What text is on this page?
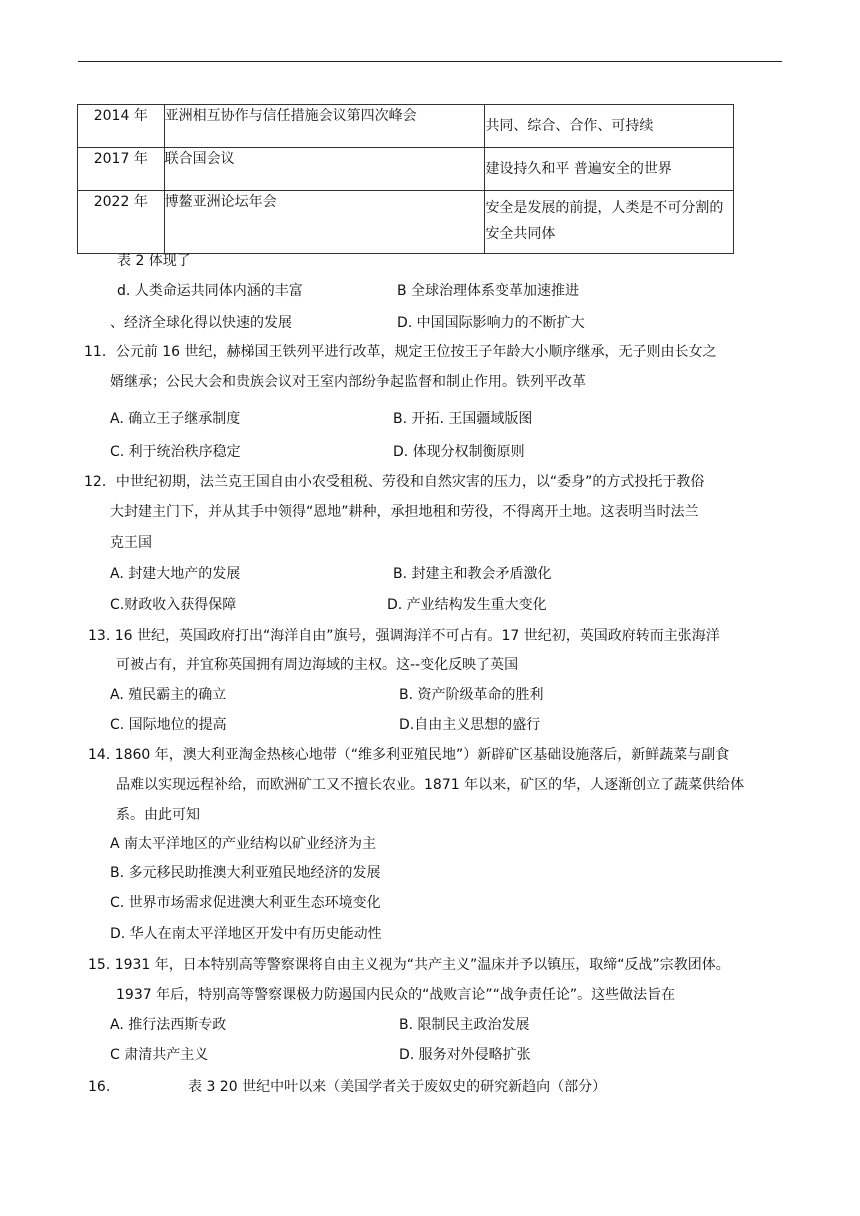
2014 年	亚洲相互协作与信任措施会议第四次峰会	共同、综合、合作、可持续
2017 年	联合国会议	建设持久和平 普遍安全的世界
2022 年	博鳌亚洲论坛年会	安全是发展的前提，人类是不可分割的安全共同体
表 2 体现了
d. 人类命运共同体内涵的丰富	B 全球治理体系变革加速推进
、经济全球化得以快速的发展	D. 中国国际影响力的不断扩大
11．公元前 16 世纪，赫梯国王铁列平进行改革，规定王位按王子年龄大小顺序继承，无子则由长女之
婿继承；公民大会和贵族会议对王室内部纷争起监督和制止作用。铁列平改革
A. 确立王子继承制度	B. 开拓. 王国疆域版图
C. 利于统治秩序稳定	D. 体现分权制衡原则
12．中世纪初期，法兰克王国自由小农受租税、劳役和自然灾害的压力，以“委身”的方式投托于教俗
大封建主门下，并从其手中领得“恩地”耕种，承担地租和劳役，不得离开土地。这表明当时法兰
克王国
A. 封建大地产的发展	B. 封建主和教会矛盾激化
C.财政收入获得保障	D. 产业结构发生重大变化
13. 16 世纪，英国政府打出“海洋自由”旗号，强调海洋不可占有。17 世纪初，英国政府转而主张海洋
可被占有，并宜称英国拥有周边海域的主权。这--变化反映了英国
A. 殖民霸主的确立	B. 资产阶级革命的胜利
C. 国际地位的提高	D.自由主义思想的盛行
14. 1860 年，澳大利亚淘金热核心地带（“维多利亚殖民地”）新辟矿区基础设施落后，新鲜蔬菜与副食
品难以实现远程补给，而欧洲矿工又不擅长农业。1871 年以来，矿区的华，人逐渐创立了蔬菜供给体
系。由此可知
A 南太平洋地区的产业结构以矿业经济为主
B. 多元移民助推澳大利亚殖民地经济的发展
C. 世界市场需求促进澳大利亚生态环境变化
D. 华人在南太平洋地区开发中有历史能动性
15. 1931 年，日本特别高等警察课将自由主义视为“共产主义”温床并予以镇压，取缔“反战”宗教团体。
1937 年后，特别高等警察课极力防遏国内民众的“战败言论”“战争责任论”。这些做法旨在
A. 推行法西斯专政	B. 限制民主政治发展
C 肃清共产主义	D. 服务对外侵略扩张
16.	表 3 20 世纪中叶以来（美国学者关于废奴史的研究新趋向（部分）
